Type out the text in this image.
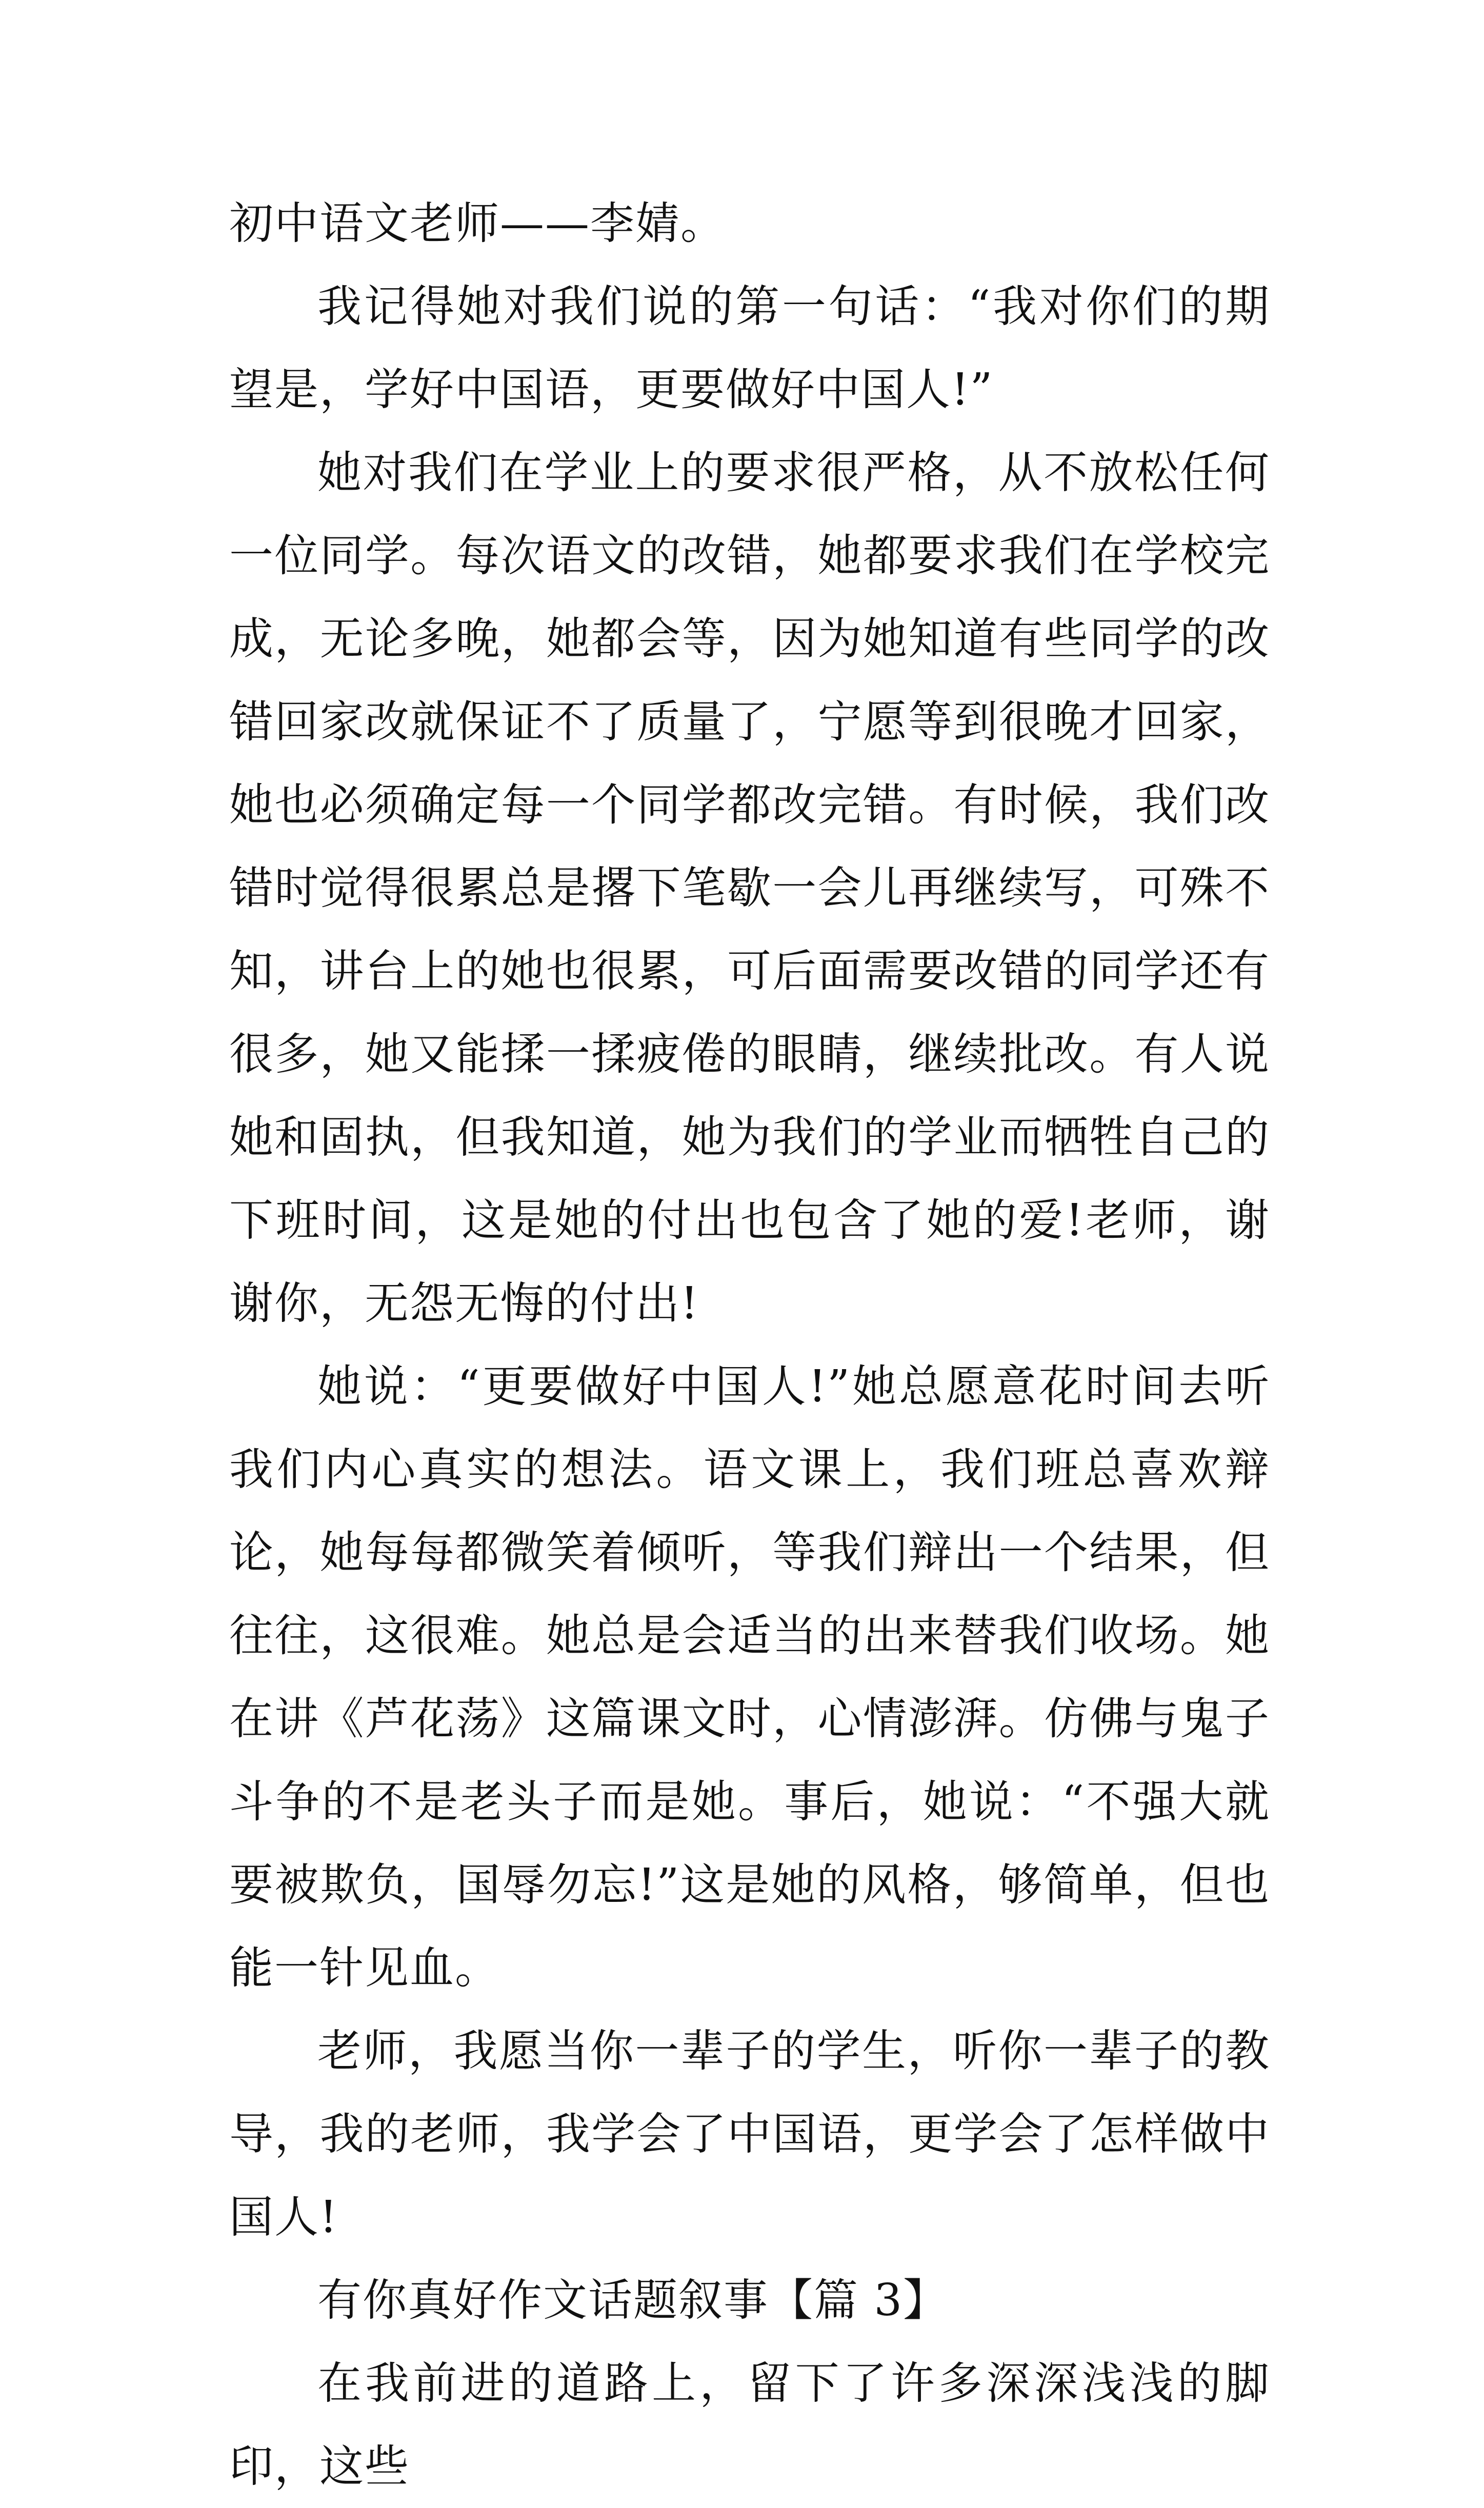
初中语文老师——李婧。

我记得她对我们说的第一句话：“我对你们的期望是，学好中国语，更要做好中国人!”

她对我们在学业上的要求很严格，从不放松任何一位同学。每次语文的改错，她都要求我们在学校完成，无论多晚，她都会等，因为她知道有些同学的改错回家改就保证不了质量了，宁愿等到很晚才回家，她也必须确定每一个同学都改完错。有时候，我们改错时觉得很累总是撂下笔歇一会儿再继续写，可殊不知，讲台上的她也很累，可后面需要改错的同学还有很多，她又能揉一揉疲倦的眼睛，继续批改。有人说她和固执，但我知道，她为我们的学业而牺牲自己的下班时间，这是她的付出也包含了她的爱!老师，谢谢你，无怨无悔的付出!

她说：“更要做好中国人!”她总愿意花时间去听我们内心真实的想法。语文课上，我们班总喜欢辩论，她每每都微笑着倾听，等我们辩出一个结果，但往往，这很难。她总是会适当的出来替我们收场。她在讲《芦花荡》这篇课文时，心情澎湃。仿佛与鬼子斗争的不是老头子而是她。事后，她说：“不强大就要被欺负，国辱勿忘!”这是她的风格，够简单，但也能一针见血。

老师，我愿当你一辈子的学生，听你一辈子的教导，我的老师，我学会了中国语，更学会了怎样做中国人!

有你真好作文话题叙事【篇 3】

在我前进的道路上，留下了许多深深浅浅的脚印，这些
